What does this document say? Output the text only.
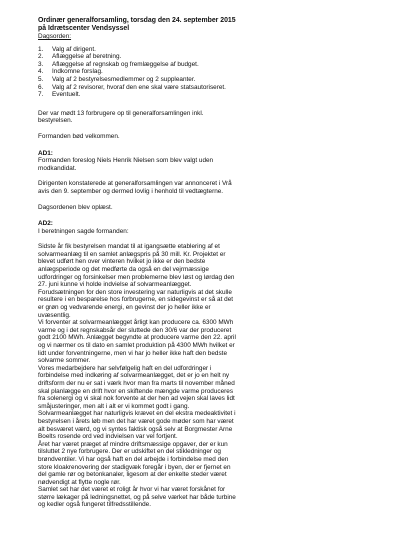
Ordinær generalforsamling, torsdag den 24. september 2015

på Idrætscenter Vendsyssel

Dagsorden:

1.	Valg af dirigent.
2.	Aflæggelse af beretning.
3.	Aflæggelse af regnskab og fremlæggelse af budget.
4.	Indkomne forslag.
5.	Valg af 2 bestyrelsesmedlemmer og 2 suppleanter.
6.	Valg af 2 revisorer, hvoraf den ene skal være statsautoriseret.
7.	Eventuelt.

Der var mødt 13 forbrugere op til generalforsamlingen inkl.

bestyrelsen.

Formanden bød velkommen.

AD1:

Formanden foreslog Niels Henrik Nielsen som blev valgt uden

modkandidat.

Dirigenten konstaterede at generalforsamlingen var annonceret i Vrå

avis den 9. september og dermed lovlig i henhold til vedtægterne.

Dagsordenen blev oplæst.

AD2:

I beretningen sagde formanden:

Sidste år fik bestyrelsen mandat til at igangsætte etablering af et

solvarmeanlæg til en samlet anlægspris på 30 mill. Kr. Projektet er

blevet udført hen over vinteren hvilket jo ikke er den bedste

anlægsperiode og det medførte da også en del vejrmæssige

udfordringer og forsinkelser men problemerne blev løst og lørdag den

27. juni kunne vi holde indvielse af solvarmeanlægget.

Forudsætningen for den store investering var naturligvis at det skulle

resultere i en besparelse hos forbrugerne, en sidegevinst er så at det

er grøn og vedvarende energi, en gevinst der jo heller ikke er

uvæsentlig.

Vi forventer at solvarmeanlægget årligt kan producere ca. 6300 MWh

varme og i det regnskabsår der sluttede den 30/6 var der produceret

godt 2100 MWh. Anlægget begyndte at producere varme den 22. april

og vi nærmer os til dato en samlet produktion på 4300 MWh hvilket er

lidt under forventningerne, men vi har jo heller ikke haft den bedste

solvarme sommer.

Vores medarbejdere har selvfølgelig haft en del udfordringer i

forbindelse med indkøring af solvarmeanlægget, det er jo en helt ny

driftsform der nu er sat i værk hvor man fra marts til november måned

skal planlægge en drift hvor en skiftende mængde varme produceres

fra solenergi og vi skal nok forvente at der hen ad vejen skal laves lidt

småjusteringer, men alt i alt er vi kommet godt i gang.

Solvarmeanlægget har naturligvis krævet en del ekstra medeaktivitet i

bestyrelsen i årets løb men det har været gode møder som har været

alt besværet værd, og vi syntes faktisk også selv at Borgmester Arne

Boelts rosende ord ved indvielsen var vel fortjent.

Året har været præget af mindre driftsmæssige opgaver, der er kun

tilsluttet 2 nye forbrugere. Der er udskiftet en del stikledninger og

brøndventiler. Vi har også haft en del arbejde i forbindelse med den

store kloakrenovering der stadigvæk foregår i byen, der er fjernet en

del gamle rør og betonkanaler, ligesom at der enkelte steder været

nødvendigt at flytte nogle rør.

Samlet set har det været et roligt år hvor vi har været forskånet for

større lækager på ledningsnettet, og på selve værket har både turbine

og kedler også fungeret tilfredsstillende.
